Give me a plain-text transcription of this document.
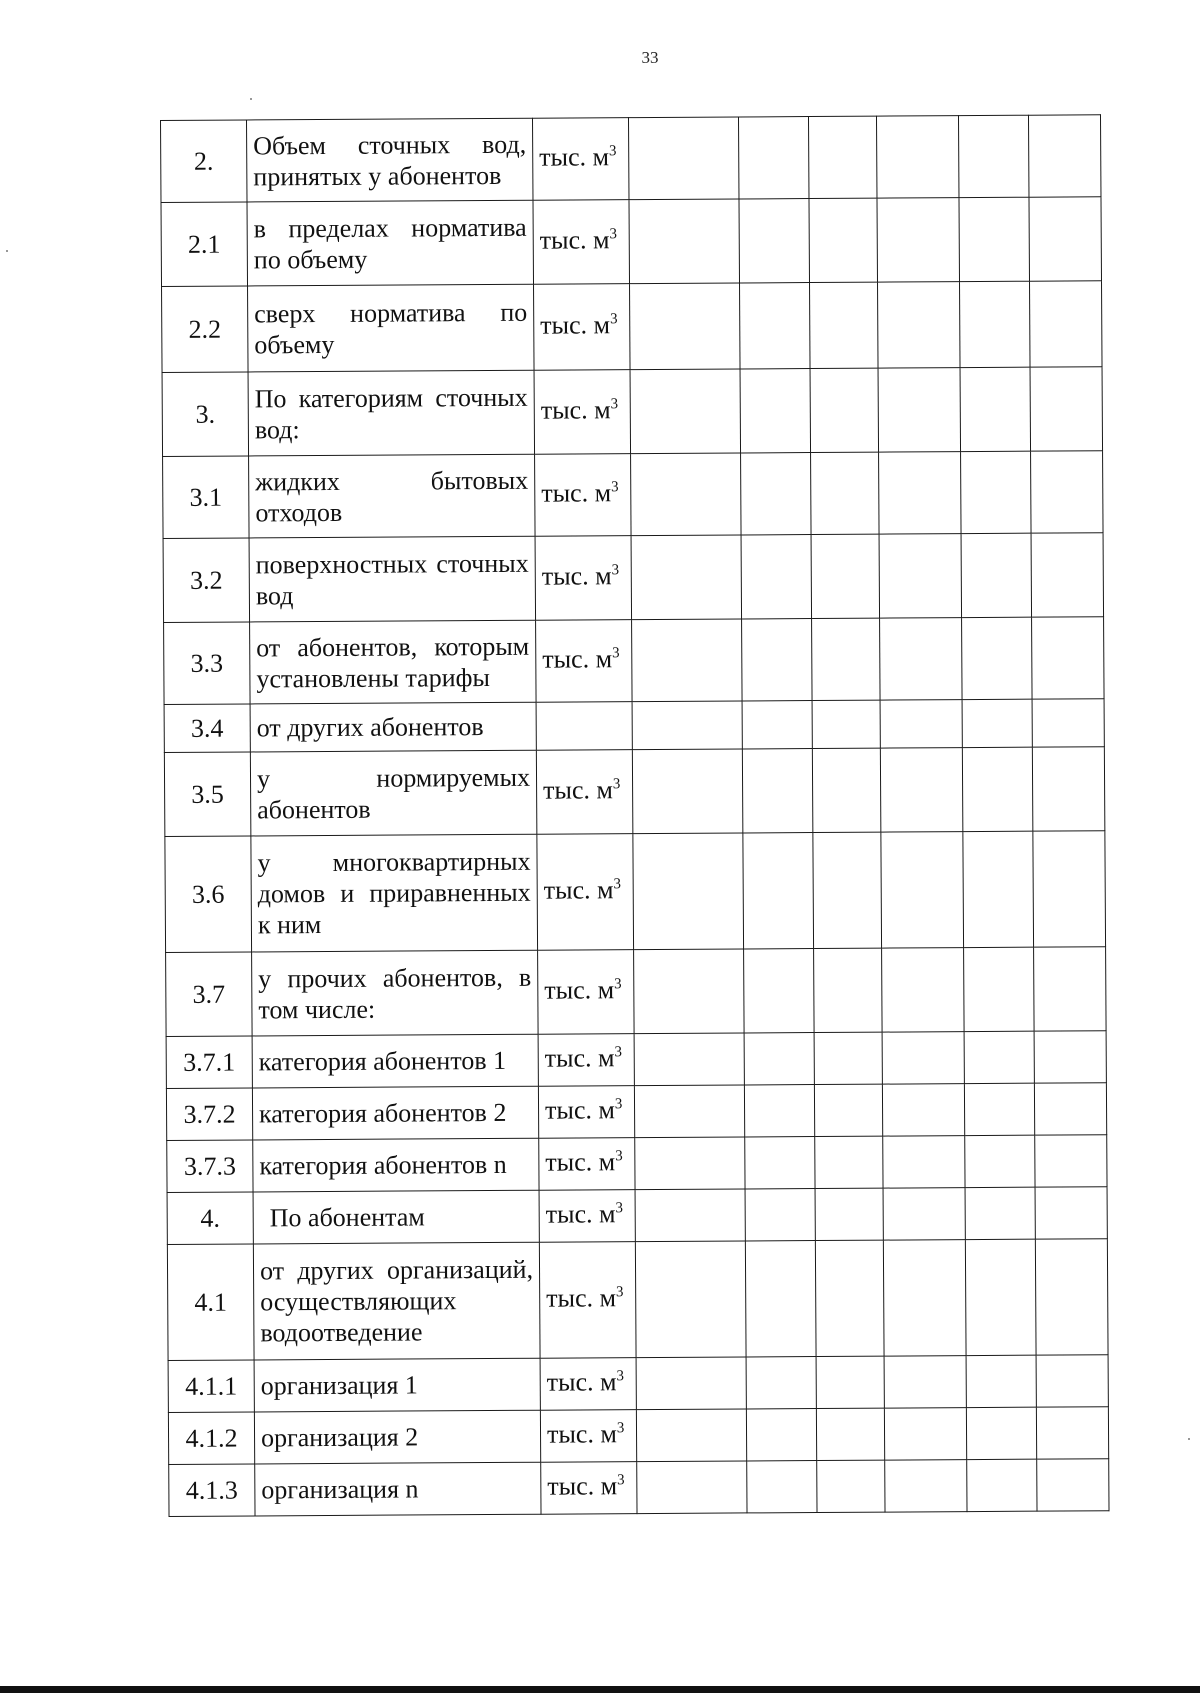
33
2.	Объем сточных вод, принятых у абонентов	тыс. $м^3$						
2.1	в пределах норматива по объему	тыс. $м^3$						
2.2	сверх норматива по объему	тыс. $м^3$						
3.	По категориям сточных вод:	тыс. $м^3$						
3.1	жидких бытовых отходов	тыс. $м^3$						
3.2	поверхностных сточных вод	тыс. $м^3$						
3.3	от абонентов, которым установлены тарифы	тыс. $м^3$						
3.4	от других абонентов							
3.5	у нормируемых абонентов	тыс. $м^3$						
3.6	у многоквартирных домов и приравненных к ним	тыс. $м^3$						
3.7	у прочих абонентов, в том числе:	тыс. $м^3$						
3.7.1	категория абонентов 1	тыс. $м^3$						
3.7.2	категория абонентов 2	тыс. $м^3$						
3.7.3	категория абонентов n	тыс. $м^3$						
4.	По абонентам	тыс. $м^3$						
4.1	от других организаций, осуществляющих водоотведение	тыс. $м^3$						
4.1.1	организация 1	тыс. $м^3$						
4.1.2	организация 2	тыс. $м^3$						
4.1.3	организация n	тыс. $м^3$						
